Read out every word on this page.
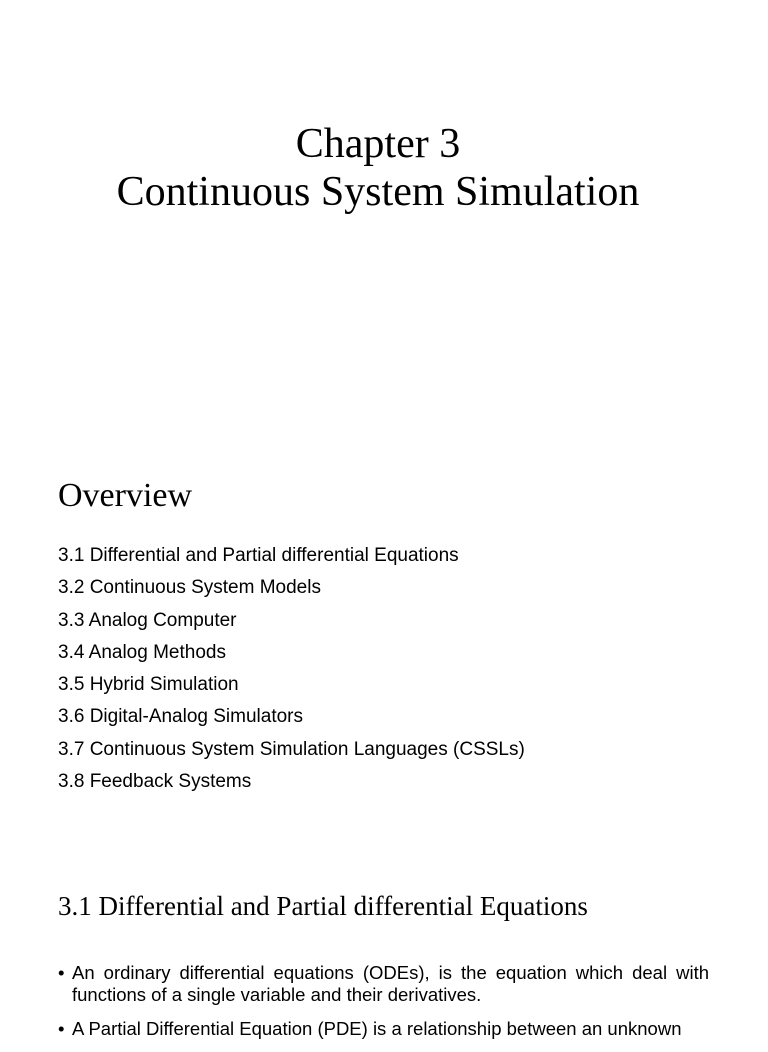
Chapter 3
Continuous System Simulation
Overview
3.1 Differential and Partial differential Equations
3.2 Continuous System Models
3.3 Analog Computer
3.4 Analog Methods
3.5 Hybrid Simulation
3.6 Digital-Analog Simulators
3.7 Continuous System Simulation Languages (CSSLs)
3.8 Feedback Systems
3.1 Differential and Partial differential Equations
• An ordinary differential equations (ODEs), is the equation which deal with functions of a single variable and their derivatives.
• A Partial Differential Equation (PDE) is a relationship between an unknown
